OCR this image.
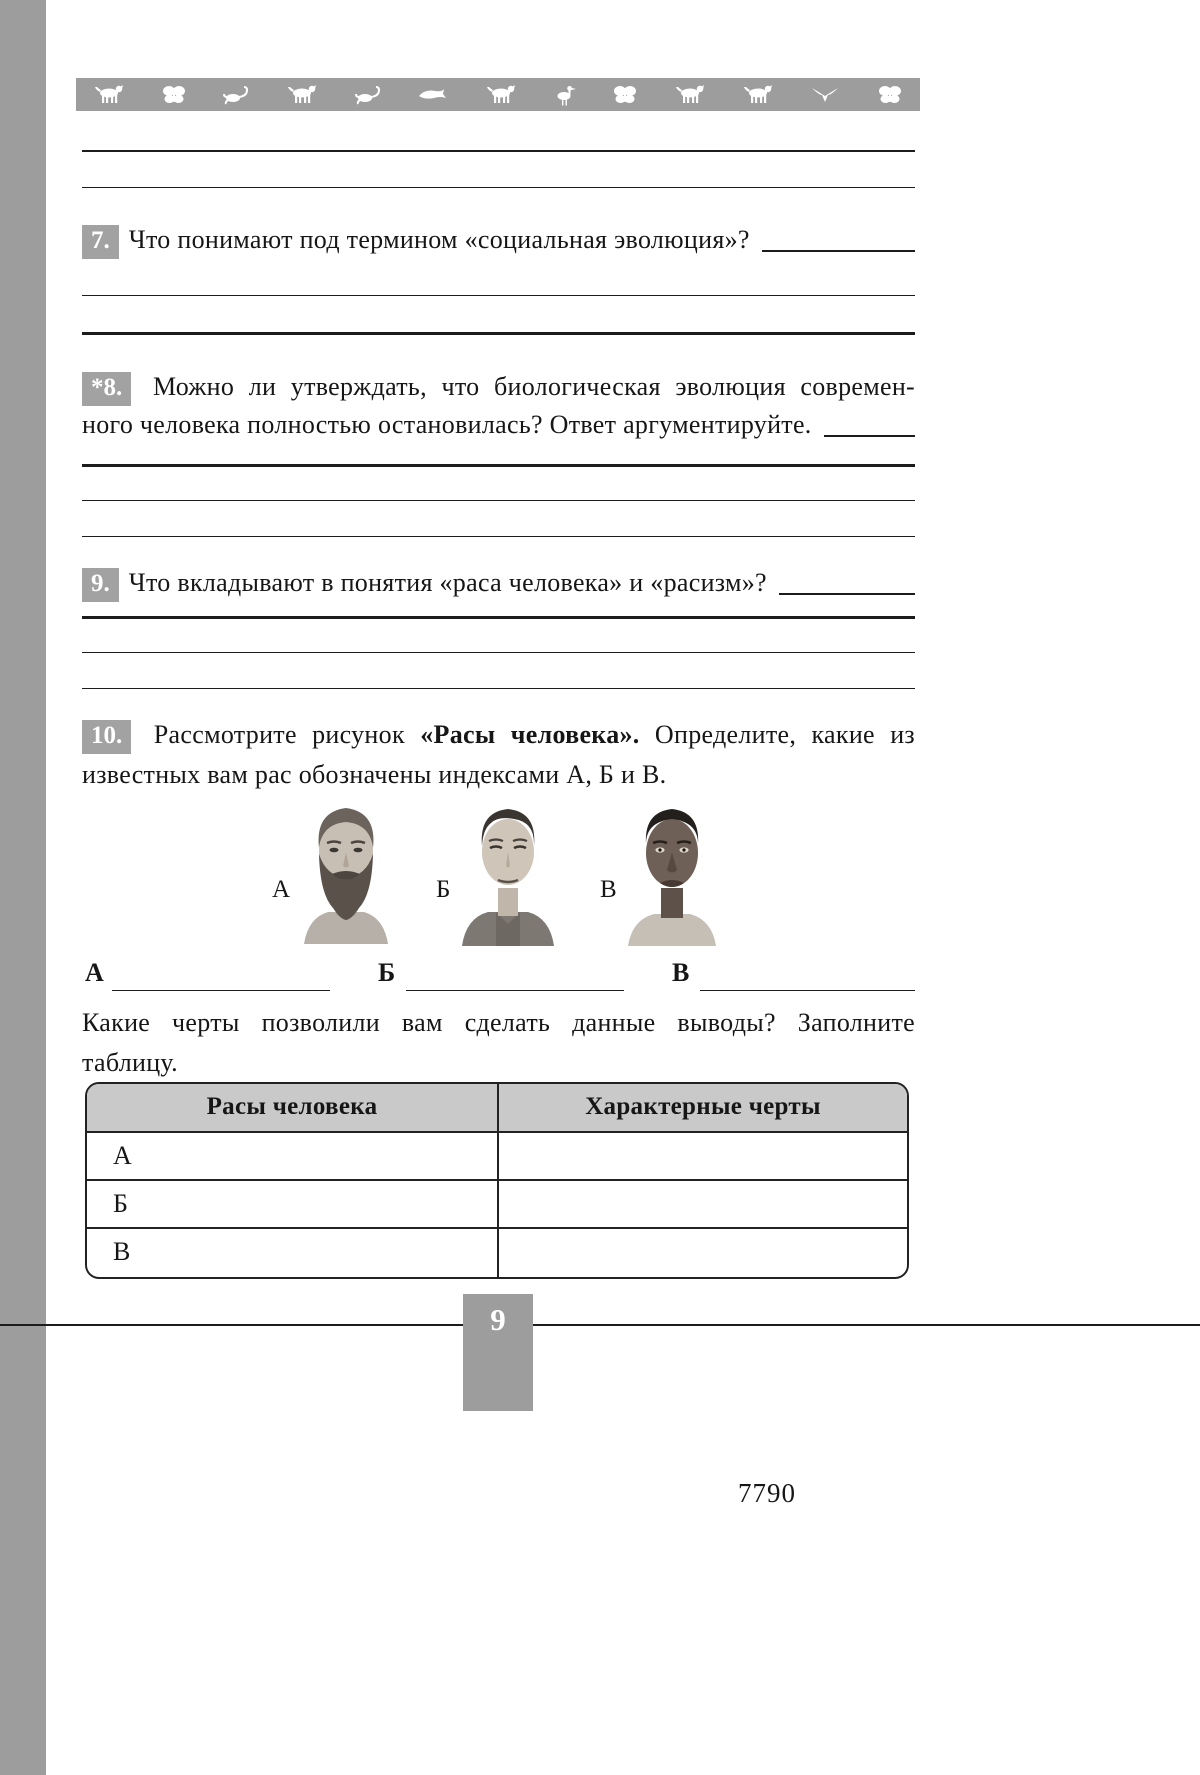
7. Что понимают под термином «социальная эволюция»?
*8. Можно ли утверждать, что биологическая эволюция современ-
ного человека полностью остановилась? Ответ аргументируйте.
9. Что вкладывают в понятия «раса человека» и «расизм»?
10. Рассмотрите рисунок «Расы человека». Определите, какие из
известных вам рас обозначены индексами А, Б и В.
А	Б	В
А	Б	В
Какие черты позволили вам сделать данные выводы? Заполните
таблицу.
Расы человека	Характерные черты
А
Б
В
9
7790
